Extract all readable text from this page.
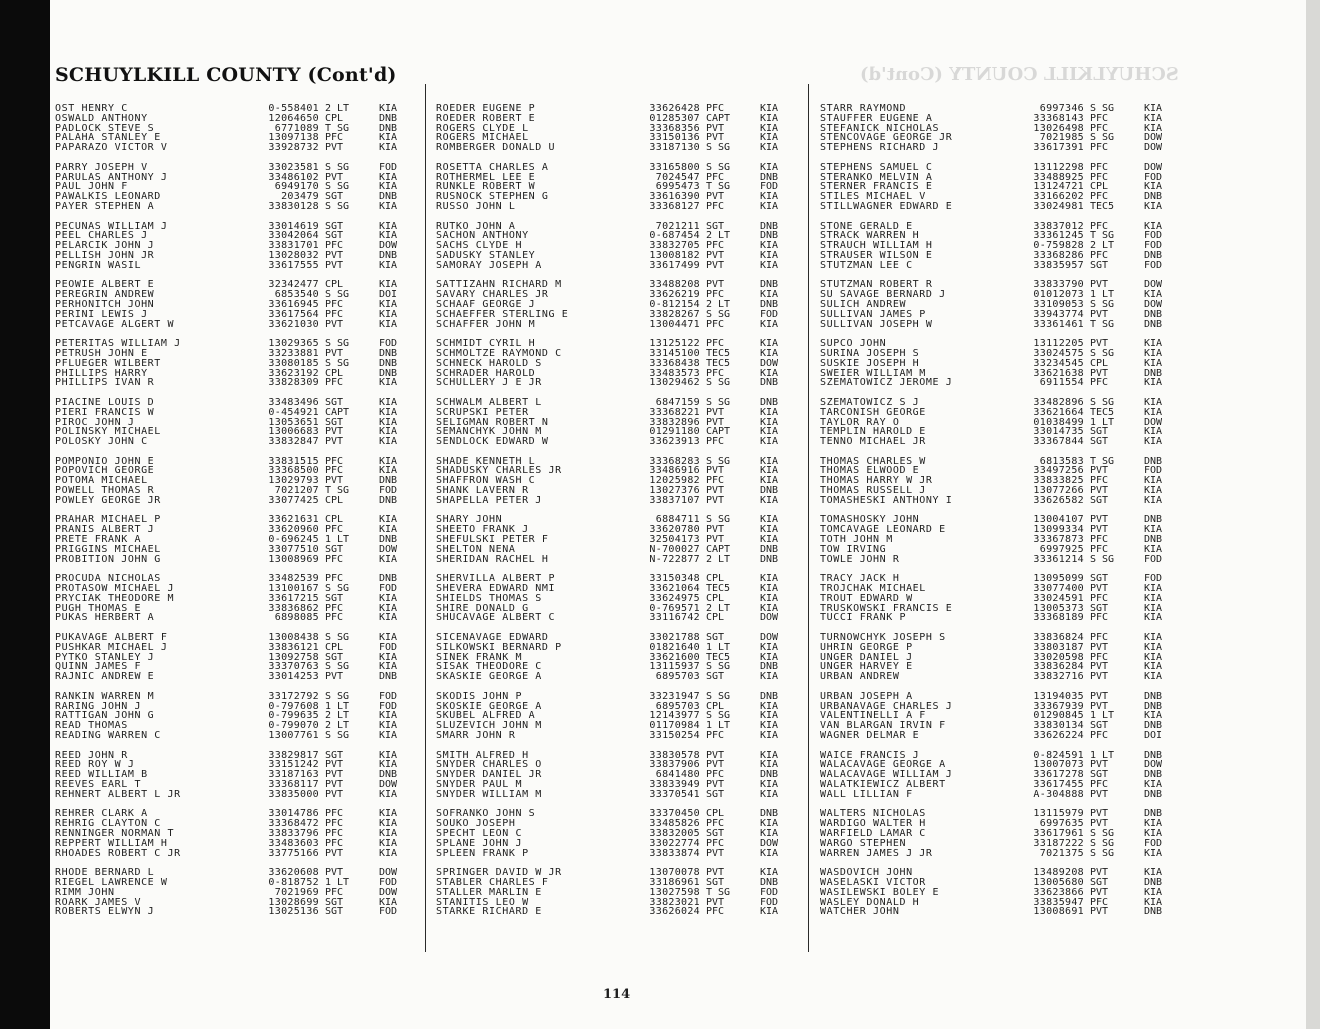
SCHUYLKILL COUNTY (Cont'd)	SCHUYLKILL COUNTY (Cont'd)
OST HENRY C	0-558401 2 LT	KIA
OSWALD ANTHONY	12064650 CPL	DNB
PADLOCK STEVE S	6771089 T SG	DNB
PALAHA STANLEY E	13097138 PFC	KIA
PAPARAZO VICTOR V	33928732 PVT	KIA
PARRY JOSEPH V	33023581 S SG	FOD
PARULAS ANTHONY J	33486102 PVT	KIA
PAUL JOHN F	6949170 S SG	KIA
PAWALKIS LEONARD	203479 SGT	DNB
PAYER STEPHEN A	33830128 S SG	KIA
PECUNAS WILLIAM J	33014619 SGT	KIA
PEEL CHARLES J	33042064 SGT	KIA
PELARCIK JOHN J	33831701 PFC	DOW
PELLISH JOHN JR	13028032 PVT	DNB
PENGRIN WASIL	33617555 PVT	KIA
PEOWIE ALBERT E	32342477 CPL	KIA
PEREGRIN ANDREW	6853540 S SG	DOI
PERHONITCH JOHN	33616945 PFC	KIA
PERINI LEWIS J	33617564 PFC	KIA
PETCAVAGE ALGERT W	33621030 PVT	KIA
PETERITAS WILLIAM J	13029365 S SG	FOD
PETRUSH JOHN E	33233881 PVT	DNB
PFLUEGER WILBERT	33080185 S SG	DNB
PHILLIPS HARRY	33623192 CPL	DNB
PHILLIPS IVAN R	33828309 PFC	KIA
PIACINE LOUIS D	33483496 SGT	KIA
PIERI FRANCIS W	0-454921 CAPT	KIA
PIROC JOHN J	13053651 SGT	KIA
POLINSKY MICHAEL	13006683 PVT	KIA
POLOSKY JOHN C	33832847 PVT	KIA
POMPONIO JOHN E	33831515 PFC	KIA
POPOVICH GEORGE	33368500 PFC	KIA
POTOMA MICHAEL	13029793 PVT	DNB
POWELL THOMAS R	7021207 T SG	FOD
POWLEY GEORGE JR	33077425 CPL	DNB
PRAHAR MICHAEL P	33621631 CPL	KIA
PRANIS ALBERT J	33620960 PFC	KIA
PRETE FRANK A	0-696245 1 LT	DNB
PRIGGINS MICHAEL	33077510 SGT	DOW
PROBITION JOHN G	13008969 PFC	KIA
PROCUDA NICHOLAS	33482539 PFC	DNB
PROTASOW MICHAEL J	13100167 S SG	FOD
PRYCIAK THEODORE M	33617215 SGT	KIA
PUGH THOMAS E	33836862 PFC	KIA
PUKAS HERBERT A	6898085 PFC	KIA
PUKAVAGE ALBERT F	13008438 S SG	KIA
PUSHKAR MICHAEL J	33836121 CPL	FOD
PYTKO STANLEY J	13092758 SGT	KIA
QUINN JAMES F	33370763 S SG	KIA
RAJNIC ANDREW E	33014253 PVT	DNB
RANKIN WARREN M	33172792 S SG	FOD
RARING JOHN J	0-797608 1 LT	FOD
RATTIGAN JOHN G	0-799635 2 LT	KIA
READ THOMAS	0-799070 2 LT	KIA
READING WARREN C	13007761 S SG	KIA
REED JOHN R	33829817 SGT	KIA
REED ROY W J	33151242 PVT	KIA
REED WILLIAM B	33187163 PVT	DNB
REEVES EARL T	33368117 PVT	DOW
REHNERT ALBERT L JR	33835000 PVT	KIA
REHRER CLARK A	33014786 PFC	KIA
REHRIG CLAYTON C	33368472 PFC	KIA
RENNINGER NORMAN T	33833796 PFC	KIA
REPPERT WILLIAM H	33483603 PFC	KIA
RHOADES ROBERT C JR	33775166 PVT	KIA
RHODE BERNARD L	33620608 PVT	DOW
RIEGEL LAWRENCE W	0-818752 1 LT	FOD
RIMM JOHN	7021969 PFC	DOW
ROARK JAMES V	13028699 SGT	KIA
ROBERTS ELWYN J	13025136 SGT	FOD
ROEDER EUGENE P	33626428 PFC	KIA
ROEDER ROBERT E	01285307 CAPT	KIA
ROGERS CLYDE L	33368356 PVT	KIA
ROGERS MICHAEL	33150136 PVT	KIA
ROMBERGER DONALD U	33187130 S SG	KIA
ROSETTA CHARLES A	33165800 S SG	KIA
ROTHERMEL LEE E	7024547 PFC	DNB
RUNKLE ROBERT W	6995473 T SG	FOD
RUSNOCK STEPHEN G	33616390 PVT	KIA
RUSSO JOHN L	33368127 PFC	KIA
RUTKO JOHN A	7021211 SGT	DNB
SACHON ANTHONY	0-687454 2 LT	DNB
SACHS CLYDE H	33832705 PFC	KIA
SADUSKY STANLEY	13008182 PVT	KIA
SAMORAY JOSEPH A	33617499 PVT	KIA
SATTIZAHN RICHARD M	33488208 PVT	DNB
SAVARY CHARLES JR	33626219 PFC	KIA
SCHAAF GEORGE J	0-812154 2 LT	DNB
SCHAEFFER STERLING E	33828267 S SG	FOD
SCHAFFER JOHN M	13004471 PFC	KIA
SCHMIDT CYRIL H	13125122 PFC	KIA
SCHMOLTZE RAYMOND C	33145100 TEC5	KIA
SCHNECK HAROLD S	33368438 TEC5	DOW
SCHRADER HAROLD	33483573 PFC	KIA
SCHULLERY J E JR	13029462 S SG	DNB
SCHWALM ALBERT L	6847159 S SG	DNB
SCRUPSKI PETER	33368221 PVT	KIA
SELIGMAN ROBERT N	33832896 PVT	KIA
SEMANCHYK JOHN M	01291180 CAPT	KIA
SENDLOCK EDWARD W	33623913 PFC	KIA
SHADE KENNETH L	33368283 S SG	KIA
SHADUSKY CHARLES JR	33486916 PVT	KIA
SHAFFRON WASH C	12025982 PFC	KIA
SHANK LAVERN R	13027376 PVT	DNB
SHAPELLA PETER J	33837107 PVT	KIA
SHARY JOHN	6884711 S SG	KIA
SHEETO FRANK J	33620780 PVT	KIA
SHEFULSKI PETER F	32504173 PVT	KIA
SHELTON NENA	N-700027 CAPT	DNB
SHERIDAN RACHEL H	N-722877 2 LT	DNB
SHERVILLA ALBERT P	33150348 CPL	KIA
SHEVERA EDWARD NMI	33621064 TEC5	KIA
SHIELDS THOMAS S	33624975 CPL	KIA
SHIRE DONALD G	0-769571 2 LT	KIA
SHUCAVAGE ALBERT C	33116742 CPL	DOW
SICENAVAGE EDWARD	33021788 SGT	DOW
SILKOWSKI BERNARD P	01821640 1 LT	KIA
SINEK FRANK M	33621600 TEC5	KIA
SISAK THEODORE C	13115937 S SG	DNB
SKASKIE GEORGE A	6895703 SGT	KIA
SKODIS JOHN P	33231947 S SG	DNB
SKOSKIE GEORGE A	6895703 CPL	KIA
SKUBEL ALFRED A	12143977 S SG	KIA
SLUZEVICH JOHN M	01170984 1 LT	KIA
SMARR JOHN R	33150254 PFC	KIA
SMITH ALFRED H	33830578 PVT	KIA
SNYDER CHARLES O	33837906 PVT	KIA
SNYDER DANIEL JR	6841480 PFC	DNB
SNYDER PAUL M	33833949 PVT	KIA
SNYDER WILLIAM M	33370541 SGT	KIA
SOFRANKO JOHN S	33370450 CPL	DNB
SOUKO JOSEPH	33485826 PFC	KIA
SPECHT LEON C	33832005 SGT	KIA
SPLANE JOHN J	33022774 PFC	DOW
SPLEEN FRANK P	33833874 PVT	KIA
SPRINGER DAVID W JR	13070078 PVT	KIA
STABLER CHARLES F	33186961 SGT	DNB
STALLER MARLIN E	13027598 T SG	FOD
STANITIS LEO W	33823021 PVT	FOD
STARKE RICHARD E	33626024 PFC	KIA
STARR RAYMOND	6997346 S SG	KIA
STAUFFER EUGENE A	33368143 PFC	KIA
STEFANICK NICHOLAS	13026498 PFC	KIA
STENCOVAGE GEORGE JR	7021985 S SG	DOW
STEPHENS RICHARD J	33617391 PFC	DOW
STEPHENS SAMUEL C	13112298 PFC	DOW
STERANKO MELVIN A	33488925 PFC	FOD
STERNER FRANCIS E	13124721 CPL	KIA
STILES MICHAEL V	33166202 PFC	DNB
STILLWAGNER EDWARD E	33024981 TEC5	KIA
STONE GERALD E	33837012 PFC	KIA
STRACK WARREN H	33361245 T SG	FOD
STRAUCH WILLIAM H	0-759828 2 LT	FOD
STRAUSER WILSON E	33368286 PFC	DNB
STUTZMAN LEE C	33835957 SGT	FOD
STUTZMAN ROBERT R	33833790 PVT	DOW
SU SAVAGE BERNARD J	01012073 1 LT	KIA
SULICH ANDREW	33109053 S SG	DOW
SULLIVAN JAMES P	33943774 PVT	DNB
SULLIVAN JOSEPH W	33361461 T SG	DNB
SUPCO JOHN	13112205 PVT	KIA
SURINA JOSEPH S	33024575 S SG	KIA
SUSKIE JOSEPH H	33234545 CPL	KIA
SWEIER WILLIAM M	33621638 PVT	DNB
SZEMATOWICZ JEROME J	6911554 PFC	KIA
SZEMATOWICZ S J	33482896 S SG	KIA
TARCONISH GEORGE	33621664 TEC5	KIA
TAYLOR RAY O	01038499 1 LT	DOW
TEMPLIN HAROLD E	33014735 SGT	KIA
TENNO MICHAEL JR	33367844 SGT	KIA
THOMAS CHARLES W	6813583 T SG	DNB
THOMAS ELWOOD E	33497256 PVT	FOD
THOMAS HARRY W JR	33833825 PFC	KIA
THOMAS RUSSELL J	13077266 PVT	KIA
TOMASHESKI ANTHONY I	33626582 SGT	KIA
TOMASHOSKY JOHN	13004107 PVT	DNB
TOMCAVAGE LEONARD E	13099334 PVT	KIA
TOTH JOHN M	33367873 PFC	DNB
TOW IRVING	6997925 PFC	KIA
TOWLE JOHN R	33361214 S SG	FOD
TRACY JACK H	13095099 SGT	FOD
TROJCHAK MICHAEL	33077400 PVT	KIA
TROUT EDWARD W	33024591 PFC	KIA
TRUSKOWSKI FRANCIS E	13005373 SGT	KIA
TUCCI FRANK P	33368189 PFC	KIA
TURNOWCHYK JOSEPH S	33836824 PFC	KIA
UHRIN GEORGE P	33803187 PVT	KIA
UNGER DANIEL J	33020598 PFC	KIA
UNGER HARVEY E	33836284 PVT	KIA
URBAN ANDREW	33832716 PVT	KIA
URBAN JOSEPH A	13194035 PVT	DNB
URBANAVAGE CHARLES J	33367939 PVT	DNB
VALENTINELLI A F	01290845 1 LT	KIA
VAN BLARGAN IRVIN F	33830134 SGT	DNB
WAGNER DELMAR E	33626224 PFC	DOI
WAICE FRANCIS J	0-824591 1 LT	DNB
WALACAVAGE GEORGE A	13007073 PVT	DOW
WALACAVAGE WILLIAM J	33617278 SGT	DNB
WALATKIEWICZ ALBERT	33617455 PFC	KIA
WALL LILLIAN F	A-304888 PVT	DNB
WALTERS NICHOLAS	13115979 PVT	DNB
WARDIGO WALTER H	6997635 PVT	KIA
WARFIELD LAMAR C	33617961 S SG	KIA
WARGO STEPHEN	33187222 S SG	FOD
WARREN JAMES J JR	7021375 S SG	KIA
WASDOVICH JOHN	13489208 PVT	KIA
WASELASKI VICTOR	13005680 SGT	DNB
WASILEWSKI BOLEY E	33623866 PVT	KIA
WASLEY DONALD H	33835947 PFC	KIA
WATCHER JOHN	13008691 PVT	DNB
114
